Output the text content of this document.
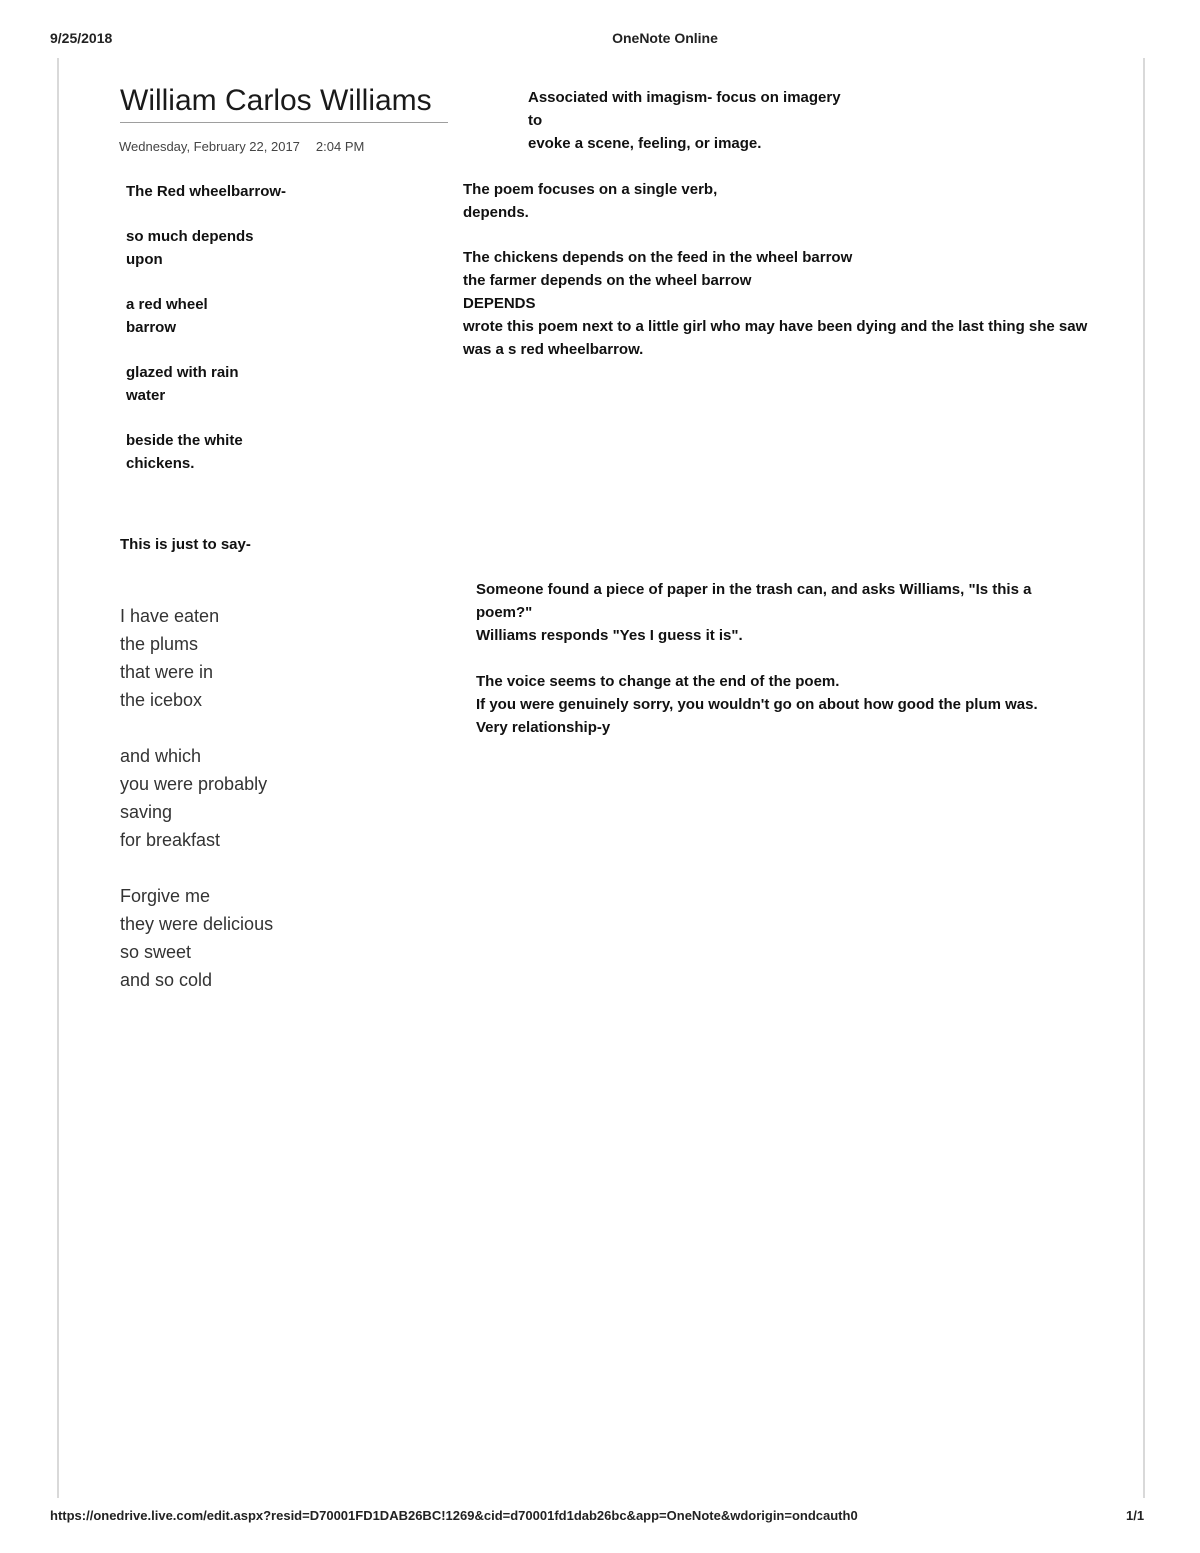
9/25/2018	OneNote Online
William Carlos Williams
Wednesday, February 22, 2017 2:04 PM

Associated with imagism- focus on imagery

to

evoke a scene, feeling, or image.

The Red wheelbarrow-

so much depends

upon

a red wheel

barrow

glazed with rain

water

beside the white

chickens.

The poem focuses on a single verb,

depends.

The chickens depends on the feed in the wheel barrow

the farmer depends on the wheel barrow

DEPENDS

wrote this poem next to a little girl who may have been dying and the last thing she saw

was a s red wheelbarrow.

This is just to say-

I have eaten

the plums

that were in

the icebox

and which

you were probably

saving

for breakfast

Forgive me

they were delicious

so sweet

and so cold

Someone found a piece of paper in the trash can, and asks Williams, "Is this a

poem?"

Williams responds "Yes I guess it is".

The voice seems to change at the end of the poem.

If you were genuinely sorry, you wouldn't go on about how good the plum was.

Very relationship-y

https://onedrive.live.com/edit.aspx?resid=D70001FD1DAB26BC!1269&cid=d70001fd1dab26bc&app=OneNote&wdorigin=ondcauth0	1/1
